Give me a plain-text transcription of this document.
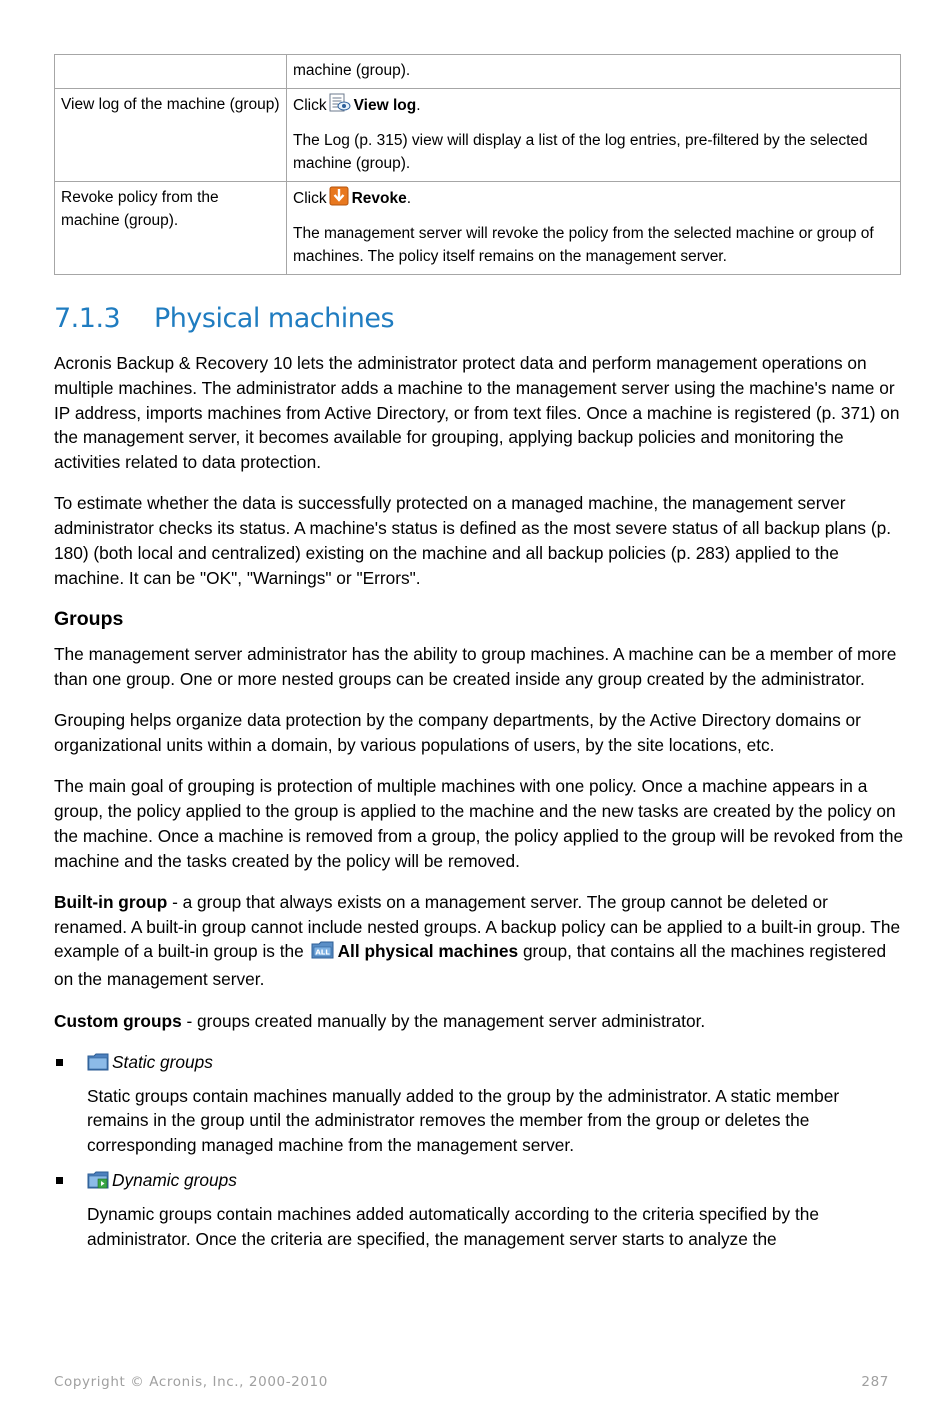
	machine (group).

View log of the machine (group)	Click View log.

The Log (p. 315) view will display a list of the log entries, pre-filtered by the selected machine (group).

Revoke policy from the machine (group).	Click Revoke.

The management server will revoke the policy from the selected machine or group of machines. The policy itself remains on the management server.

7.1.3 Physical machines

Acronis Backup & Recovery 10 lets the administrator protect data and perform management operations on multiple machines. The administrator adds a machine to the management server using the machine's name or IP address, imports machines from Active Directory, or from text files. Once a machine is registered (p. 371) on the management server, it becomes available for grouping, applying backup policies and monitoring the activities related to data protection.

To estimate whether the data is successfully protected on a managed machine, the management server administrator checks its status. A machine's status is defined as the most severe status of all backup plans (p. 180) (both local and centralized) existing on the machine and all backup policies (p. 283) applied to the machine. It can be "OK", "Warnings" or "Errors".

Groups

The management server administrator has the ability to group machines. A machine can be a member of more than one group. One or more nested groups can be created inside any group created by the administrator.

Grouping helps organize data protection by the company departments, by the Active Directory domains or organizational units within a domain, by various populations of users, by the site locations, etc.

The main goal of grouping is protection of multiple machines with one policy. Once a machine appears in a group, the policy applied to the group is applied to the machine and the new tasks are created by the policy on the machine. Once a machine is removed from a group, the policy applied to the group will be revoked from the machine and the tasks created by the policy will be removed.

Built-in group - a group that always exists on a management server. The group cannot be deleted or renamed. A built-in group cannot include nested groups. A backup policy can be applied to a built-in group. The example of a built-in group is the ALL All physical machines group, that contains all the machines registered on the management server.

Custom groups - groups created manually by the management server administrator.

Static groups

Static groups contain machines manually added to the group by the administrator. A static member remains in the group until the administrator removes the member from the group or deletes the corresponding managed machine from the management server.

Dynamic groups

Dynamic groups contain machines added automatically according to the criteria specified by the administrator. Once the criteria are specified, the management server starts to analyze the

Copyright © Acronis, Inc., 2000-2010	287
